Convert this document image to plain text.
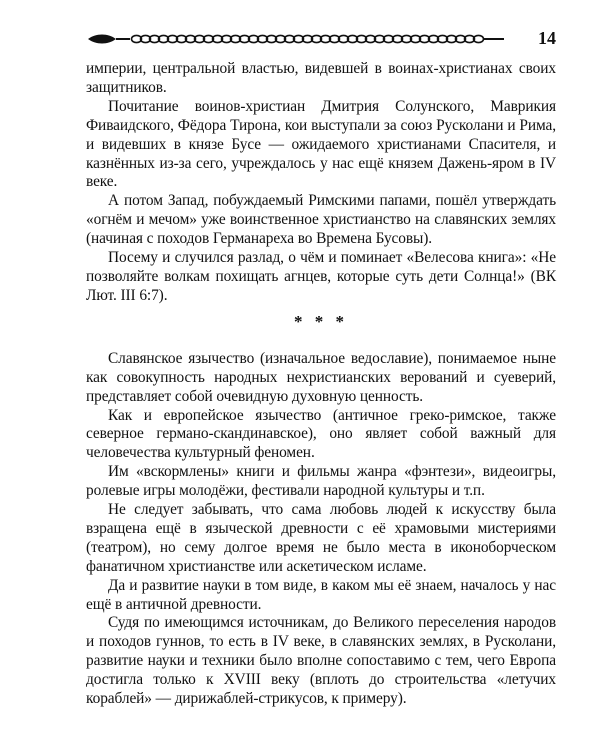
14

империи, центральной властью, видевшей в воинах-христианах своих защитников.

Почитание воинов-христиан Дмитрия Солунского, Маврикия Фиваидского, Фёдора Тирона, кои выступали за союз Русколани и Рима, и видевших в князе Бусе — ожидаемого христианами Спасителя, и казнённых из-за сего, учреждалось у нас ещё князем Дажень-яром в IV веке.

А потом Запад, побуждаемый Римскими папами, пошёл утверждать «огнём и мечом» уже воинственное христианство на славянских землях (начиная с походов Германареха во Времена Бусовы).

Посему и случился разлад, о чём и поминает «Велесова книга»: «Не позволяйте волкам похищать агнцев, которые суть дети Солнца!» (ВК Лют. III 6:7).

* * *

Славянское язычество (изначальное ведославие), понимаемое ныне как совокупность народных нехристианских верований и суеверий, представляет собой очевидную духовную ценность.

Как и европейское язычество (античное греко-римское, также северное германо-скандинавское), оно являет собой важный для человечества культурный феномен.

Им «вскормлены» книги и фильмы жанра «фэнтези», видеоигры, ролевые игры молодёжи, фестивали народной культуры и т.п.

Не следует забывать, что сама любовь людей к искусству была взращена ещё в языческой древности с её храмовыми мистериями (театром), но сему долгое время не было места в иконоборческом фанатичном христианстве или аскетическом исламе.

Да и развитие науки в том виде, в каком мы её знаем, началось у нас ещё в античной древности.

Судя по имеющимся источникам, до Великого переселения народов и походов гуннов, то есть в IV веке, в славянских землях, в Русколани, развитие науки и техники было вполне сопоставимо с тем, чего Европа достигла только к XVIII веку (вплоть до строительства «летучих кораблей» — дирижаблей-стрикусов, к примеру).
